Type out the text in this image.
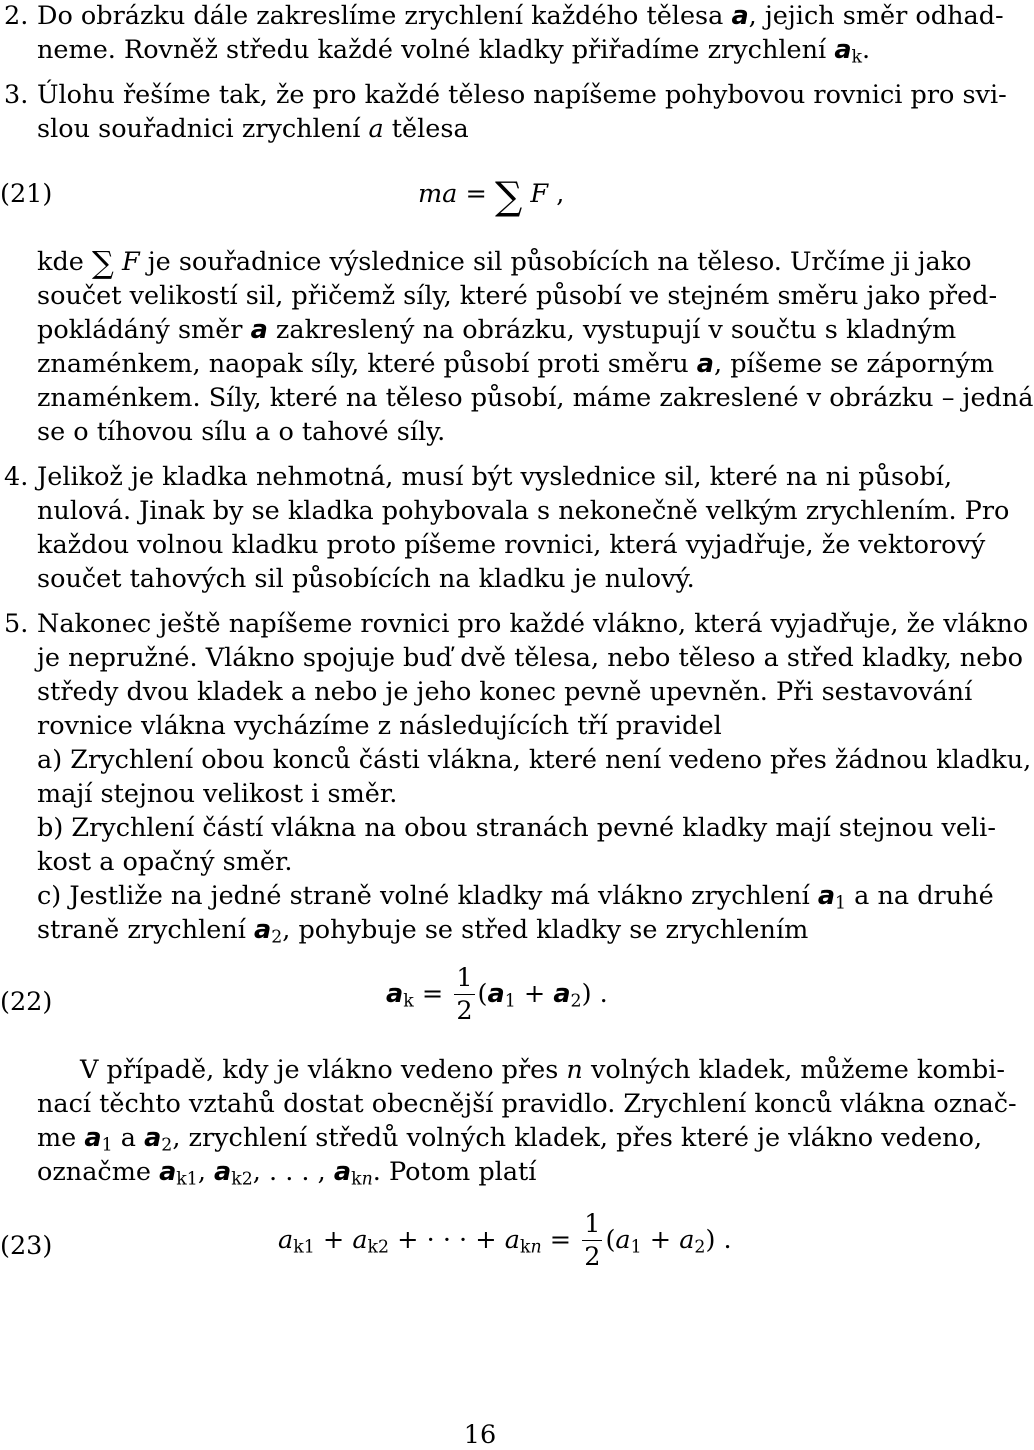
2. Do obrázku dále zakreslíme zrychlení každého tělesa a, jejich směr odhad-
neme. Rovněž středu každé volné kladky přiřadíme zrychlení $a_k$.
3. Úlohu řešíme tak, že pro každé těleso napíšeme pohybovou rovnici pro svi-
slou souřadnici zrychlení a tělesa
ma = ∑ F ,
(21)
kde ∑ F je souřadnice výslednice sil působících na těleso. Určíme ji jako
součet velikostí sil, přičemž síly, které působí ve stejném směru jako před-
pokládáný směr a zakreslený na obrázku, vystupují v součtu s kladným
znaménkem, naopak síly, které působí proti směru a, píšeme se záporným
znaménkem. Síly, které na těleso působí, máme zakreslené v obrázku – jedná
se o tíhovou sílu a o tahové síly.
4. Jelikož je kladka nehmotná, musí být vyslednice sil, které na ni působí,
nulová. Jinak by se kladka pohybovala s nekonečně velkým zrychlením. Pro
každou volnou kladku proto píšeme rovnici, která vyjadřuje, že vektorový
součet tahových sil působících na kladku je nulový.
5. Nakonec ještě napíšeme rovnici pro každé vlákno, která vyjadřuje, že vlákno
je nepružné. Vlákno spojuje buď dvě tělesa, nebo těleso a střed kladky, nebo
středy dvou kladek a nebo je jeho konec pevně upevněn. Při sestavování
rovnice vlákna vycházíme z následujících tří pravidel
a) Zrychlení obou konců části vlákna, které není vedeno přes žádnou kladku,
mají stejnou velikost i směr.
b) Zrychlení částí vlákna na obou stranách pevné kladky mají stejnou veli-
kost a opačný směr.
c) Jestliže na jedné straně volné kladky má vlákno zrychlení $a_1$ a na druhé
straně zrychlení $a_2$, pohybuje se střed kladky se zrychlením
$a_k = \frac{1}{2} (a_1 + a_2)$ .
(22)
V případě, kdy je vlákno vedeno přes n volných kladek, můžeme kombi-
nací těchto vztahů dostat obecnější pravidlo. Zrychlení konců vlákna označ-
me $a_1$ a $a_2$, zrychlení středů volných kladek, přes které je vlákno vedeno,
označme $a_{k1}$, $a_{k2}$, . . . , $a_{kn}$. Potom platí
$a_{k1} + a_{k2}$ + · · · + $a_{kn} = \frac{1}{2} (a_1 + a_2)$ .
(23)
16
